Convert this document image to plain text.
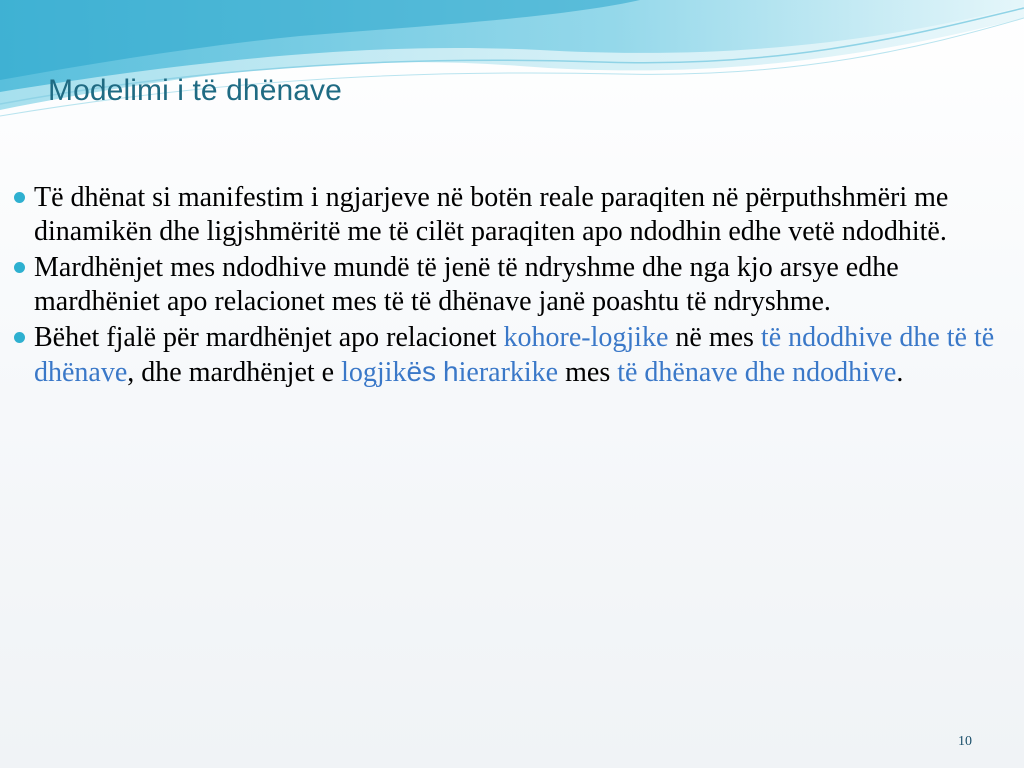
Modelimi i të dhënave
Të dhënat si manifestim i ngjarjeve në botën reale paraqiten në përputhshmëri me dinamikën dhe ligjshmëritë me të cilët paraqiten apo ndodhin edhe vetë ndodhitë.
Mardhënjet mes ndodhive mundë të jenë të ndryshme dhe nga kjo arsye edhe mardhëniet apo relacionet mes të të dhënave janë poashtu të ndryshme.
Bëhet fjalë për mardhënjet apo relacionet kohore-logjike në mes të ndodhive dhe të të dhënave, dhe mardhënjet e logjikës hierarkike mes të dhënave dhe ndodhive.
10
